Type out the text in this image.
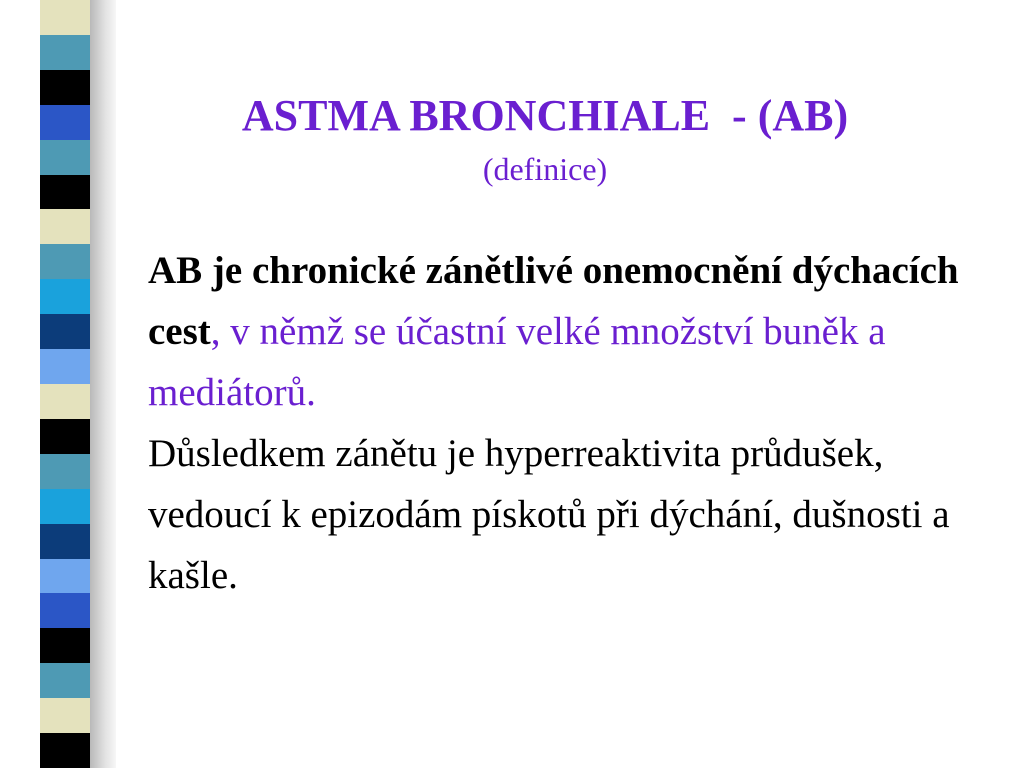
ASTMA BRONCHIALE  - (AB)
(definice)

AB je chronické zánětlivé onemocnění dýchacích cest, v němž se účastní velké množství buněk a mediátorů.

Důsledkem zánětu je hyperreaktivita průdušek, vedoucí k epizodám pískotů při dýchání, dušnosti a kašle.
